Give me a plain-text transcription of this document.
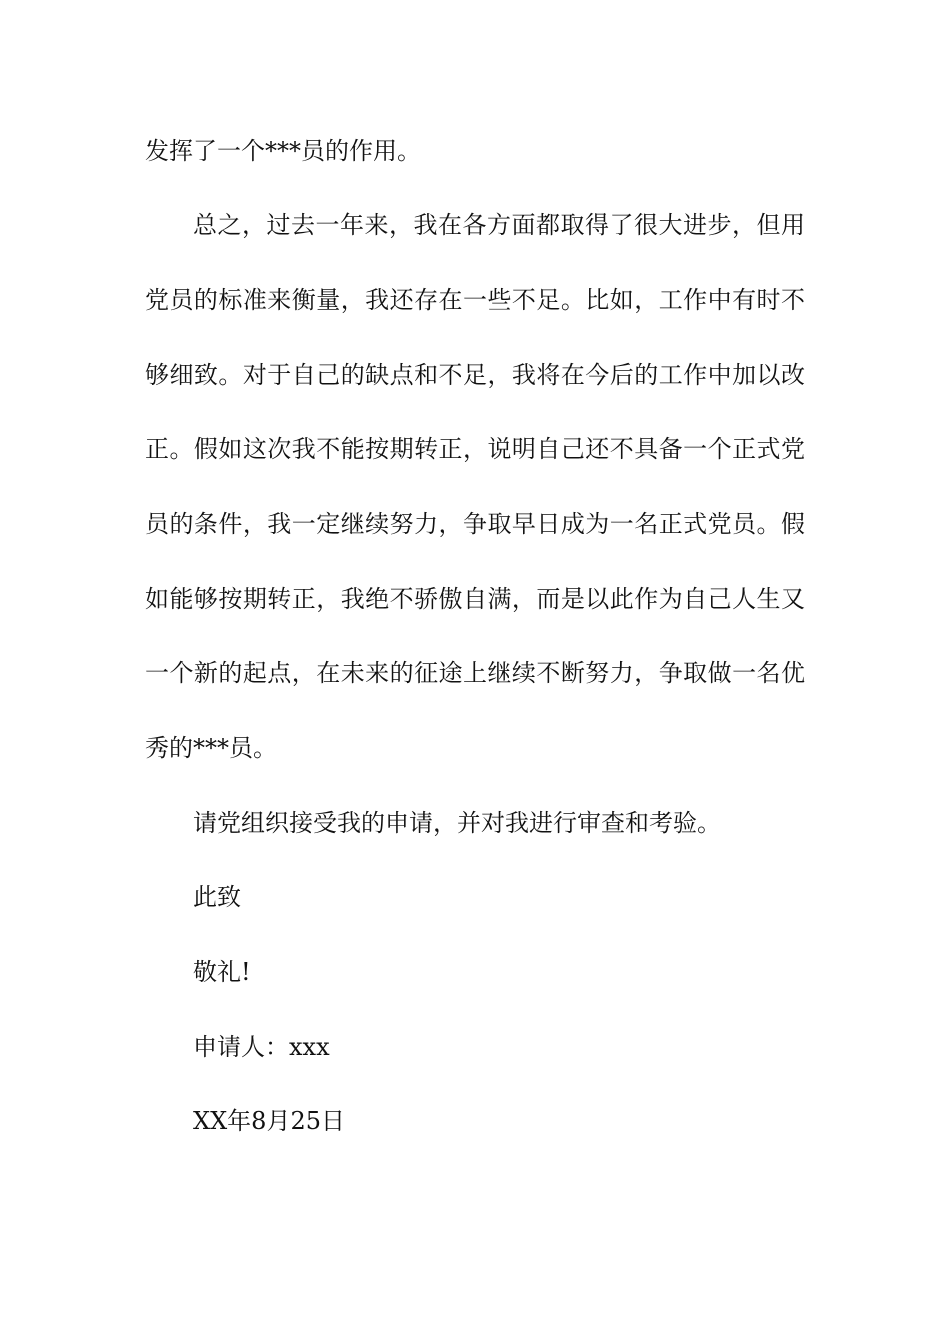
发挥了一个***员的作用。
总之，过去一年来，我在各方面都取得了很大进步，但用
党员的标准来衡量，我还存在一些不足。比如，工作中有时不
够细致。对于自己的缺点和不足，我将在今后的工作中加以改
正。假如这次我不能按期转正，说明自己还不具备一个正式党
员的条件，我一定继续努力，争取早日成为一名正式党员。假
如能够按期转正，我绝不骄傲自满，而是以此作为自己人生又
一个新的起点，在未来的征途上继续不断努力，争取做一名优
秀的***员。
请党组织接受我的申请，并对我进行审查和考验。
此致
敬礼!
申请人：xxx
XX年8月25日
